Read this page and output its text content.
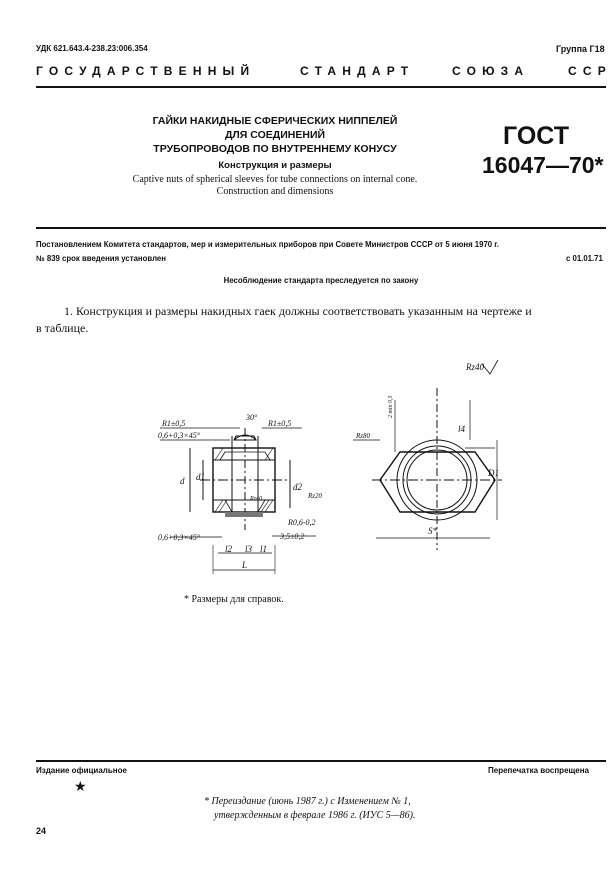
УДК 621.643.4-238.23:006.354	Группа Г18
ГОСУДАРСТВЕННЫЙ	СТАНДАРТ	СОЮЗА	ССР
ГАЙКИ НАКИДНЫЕ СФЕРИЧЕСКИХ НИППЕЛЕЙ
ДЛЯ СОЕДИНЕНИЙ
ТРУБОПРОВОДОВ ПО ВНУТРЕННЕМУ КОНУСУ
Конструкция и размеры
Captive nuts of spherical sleeves for tube connections on internal cone.
Construction and dimensions
ГОСТ
16047—70*
Постановлением Комитета стандартов, мер и измерительных приборов при Совете Министров СССР от 5 июня 1970 г.
№ 839 срок введения установлен	с 01.01.71
Несоблюдение стандарта преследуется по закону
1. Конструкция и размеры накидных гаек должны соответствовать указанным на чертеже и
в таблице.
30°
R1±0,5	R1±0,5
0,6+0,3×45°
d d1
d2
Rz20
R0,6-0,2
0,6+0,3×45°	3,5±0,2
l2 l3 l1
L
Rz40
Rz40
Rz80
2 min 0,5
l4
D1
S*
* Размеры для справок.
Издание официальное	Перепечатка воспрещена
★
* Переиздание (июнь 1987 г.) с Изменением № 1,
утвержденным в феврале 1986 г. (ИУС 5—86).
24
